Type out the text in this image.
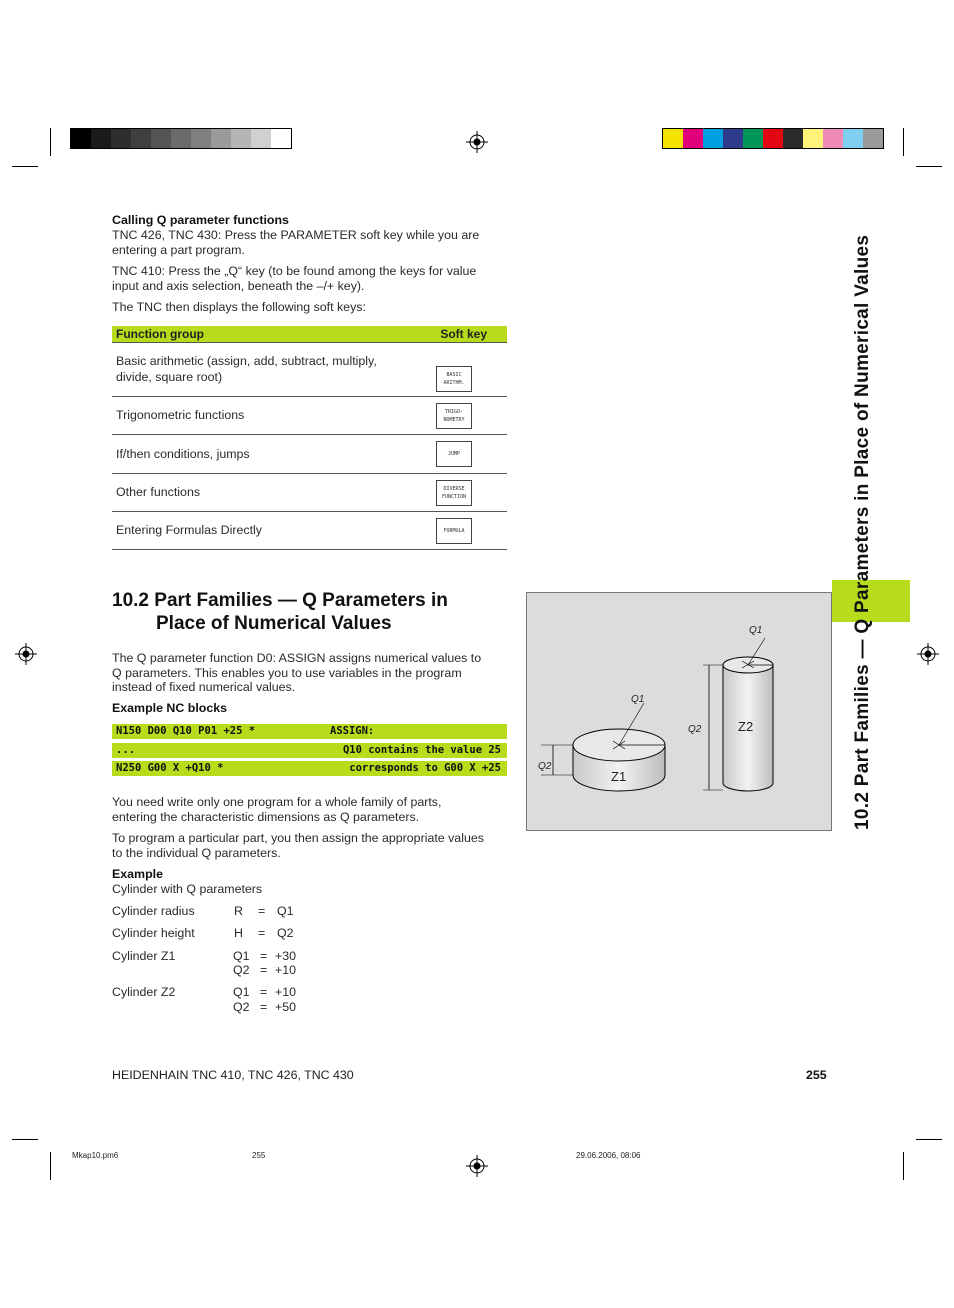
Calling Q parameter functions
TNC 426, TNC 430: Press the PARAMETER soft key while you are
entering a part program.
TNC 410: Press the „Q“ key (to be found among the keys for value
input and axis selection, beneath the –/+ key).
The TNC then displays the following soft keys:
Function group	Soft key
Basic arithmetic (assign, add, subtract, multiply,
divide, square root)	BASIC
ARITHM.
Trigonometric functions	TRIGO-
NOMETRY
If/then conditions, jumps	JUMP
Other functions	DIVERSE
FUNCTION
Entering Formulas Directly	FORMULA
10.2 Part Families — Q Parameters in
Place of Numerical Values
The Q parameter function D0: ASSIGN assigns numerical values to
Q parameters. This enables you to use variables in the program
instead of fixed numerical values.
Example NC blocks
N150 D00 Q10 P01 +25 *	ASSIGN:
...	Q10 contains the value 25
N250 G00 X +Q10 *	corresponds to G00 X +25
You need write only one program for a whole family of parts,
entering the characteristic dimensions as Q parameters.
To program a particular part, you then assign the appropriate values
to the individual Q parameters.
Example
Cylinder with Q parameters
Cylinder radius	R = Q1
Cylinder height	H = Q2
Cylinder Z1	Q1 = +30
Q2 = +10
Cylinder Z2	Q1 = +10
Q2 = +50
10.2 Part Families — Q Parameters in Place of Numerical Values
Q1
Q1
Q2
Q2
Z1
Z2
HEIDENHAIN TNC 410, TNC 426, TNC 430	255
Mkap10.pm6	255	29.06.2006, 08:06
